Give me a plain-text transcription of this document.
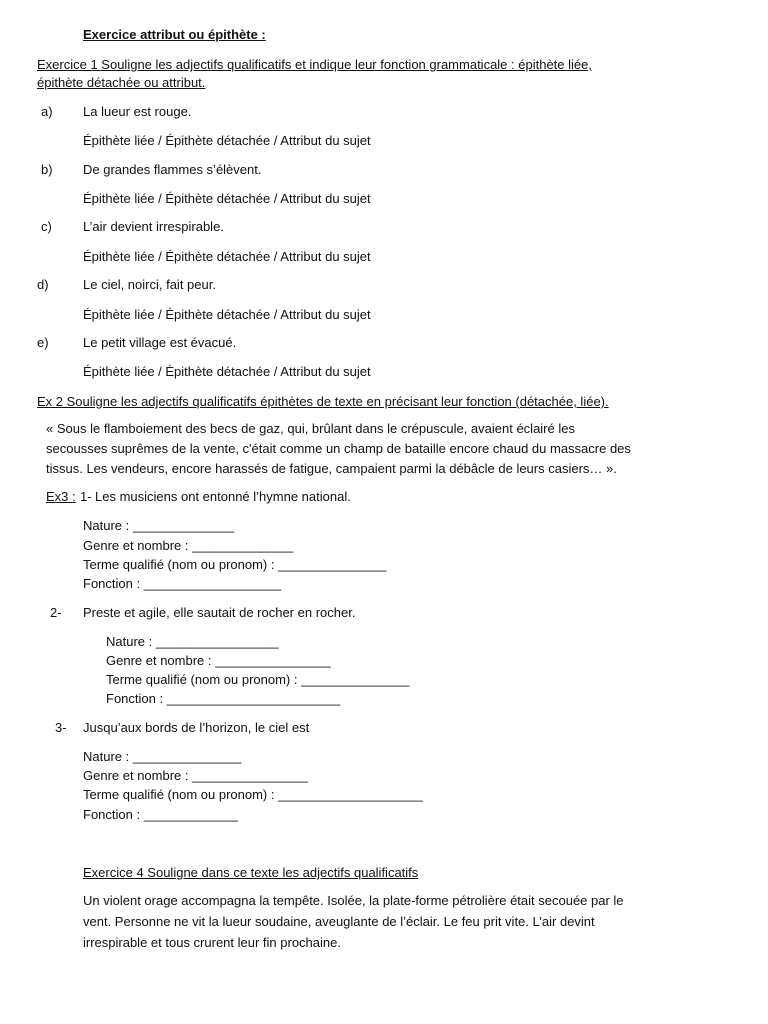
Exercice attribut ou épithète :
Exercice 1 Souligne les adjectifs qualificatifs et indique leur fonction grammaticale : épithète liée,
épithète détachée ou attribut.
a) La lueur est rouge.
Épithète liée / Épithète détachée / Attribut du sujet
b) De grandes flammes s’élèvent.
Épithète liée / Épithète détachée / Attribut du sujet
c) L’air devient irrespirable.
Épithète liée / Épithète détachée / Attribut du sujet
d)	Le ciel, noirci, fait peur.
Épithète liée / Épithète détachée / Attribut du sujet
e)	Le petit village est évacué.
Épithète liée / Épithète détachée / Attribut du sujet
Ex 2 Souligne les adjectifs qualificatifs épithètes de texte en précisant leur fonction (détachée, liée).
« Sous le flamboiement des becs de gaz, qui, brûlant dans le crépuscule, avaient éclairé les
secousses suprêmes de la vente, c'était comme un champ de bataille encore chaud du massacre des
tissus. Les vendeurs, encore harassés de fatigue, campaient parmi la débâcle de leurs casiers… ».
Ex3 : 1- Les musiciens ont entonné l’hymne national.
Nature : ______________
Genre et nombre : ______________
Terme qualifié (nom ou pronom) : _______________
Fonction : ___________________
2- Preste et agile, elle sautait de rocher en rocher.
Nature : _________________
Genre et nombre : ________________
Terme qualifié (nom ou pronom) : _______________
Fonction : ________________________
3- Jusqu’aux bords de l’horizon, le ciel est
Nature : _______________
Genre et nombre : ________________
Terme qualifié (nom ou pronom) : ____________________
Fonction : _____________
Exercice 4 Souligne dans ce texte les adjectifs qualificatifs
Un violent orage accompagna la tempête. Isolée, la plate-forme pétrolière était secouée par le
vent. Personne ne vit la lueur soudaine, aveuglante de l’éclair. Le feu prit vite. L’air devint
irrespirable et tous crurent leur fin prochaine.
